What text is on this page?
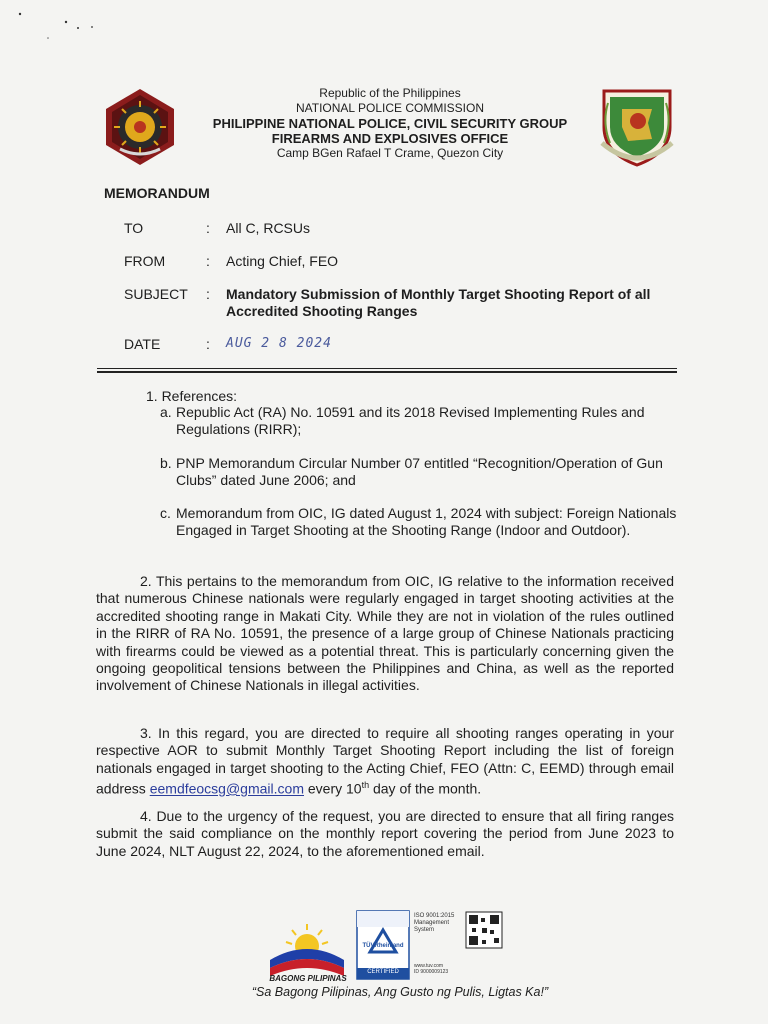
Republic of the Philippines
NATIONAL POLICE COMMISSION
PHILIPPINE NATIONAL POLICE, CIVIL SECURITY GROUP
FIREARMS AND EXPLOSIVES OFFICE
Camp BGen Rafael T Crame, Quezon City
MEMORANDUM
TO	: All C, RCSUs
FROM	: Acting Chief, FEO
SUBJECT	: Mandatory Submission of Monthly Target Shooting Report of all Accredited Shooting Ranges
DATE	: AUG 2 8 2024
1. References:
a. Republic Act (RA) No. 10591 and its 2018 Revised Implementing Rules and Regulations (RIRR);
b. PNP Memorandum Circular Number 07 entitled “Recognition/Operation of Gun Clubs” dated June 2006; and
c. Memorandum from OIC, IG dated August 1, 2024 with subject: Foreign Nationals Engaged in Target Shooting at the Shooting Range (Indoor and Outdoor).
2. This pertains to the memorandum from OIC, IG relative to the information received that numerous Chinese nationals were regularly engaged in target shooting activities at the accredited shooting range in Makati City. While they are not in violation of the rules outlined in the RIRR of RA No. 10591, the presence of a large group of Chinese Nationals practicing with firearms could be viewed as a potential threat. This is particularly concerning given the ongoing geopolitical tensions between the Philippines and China, as well as the reported involvement of Chinese Nationals in illegal activities.
3. In this regard, you are directed to require all shooting ranges operating in your respective AOR to submit Monthly Target Shooting Report including the list of foreign nationals engaged in target shooting to the Acting Chief, FEO (Attn: C, EEMD) through email address eemdfeocsg@gmail.com every 10th day of the month.
4. Due to the urgency of the request, you are directed to ensure that all firing ranges submit the said compliance on the monthly report covering the period from June 2023 to June 2024, NLT August 22, 2024, to the aforementioned email.
BAGONG PILIPINAS
TÜVRheinland
CERTIFIED
ISO 9001:2015
Management
System
www.tuv.com
ID 9000009123
“Sa Bagong Pilipinas, Ang Gusto ng Pulis, Ligtas Ka!”
